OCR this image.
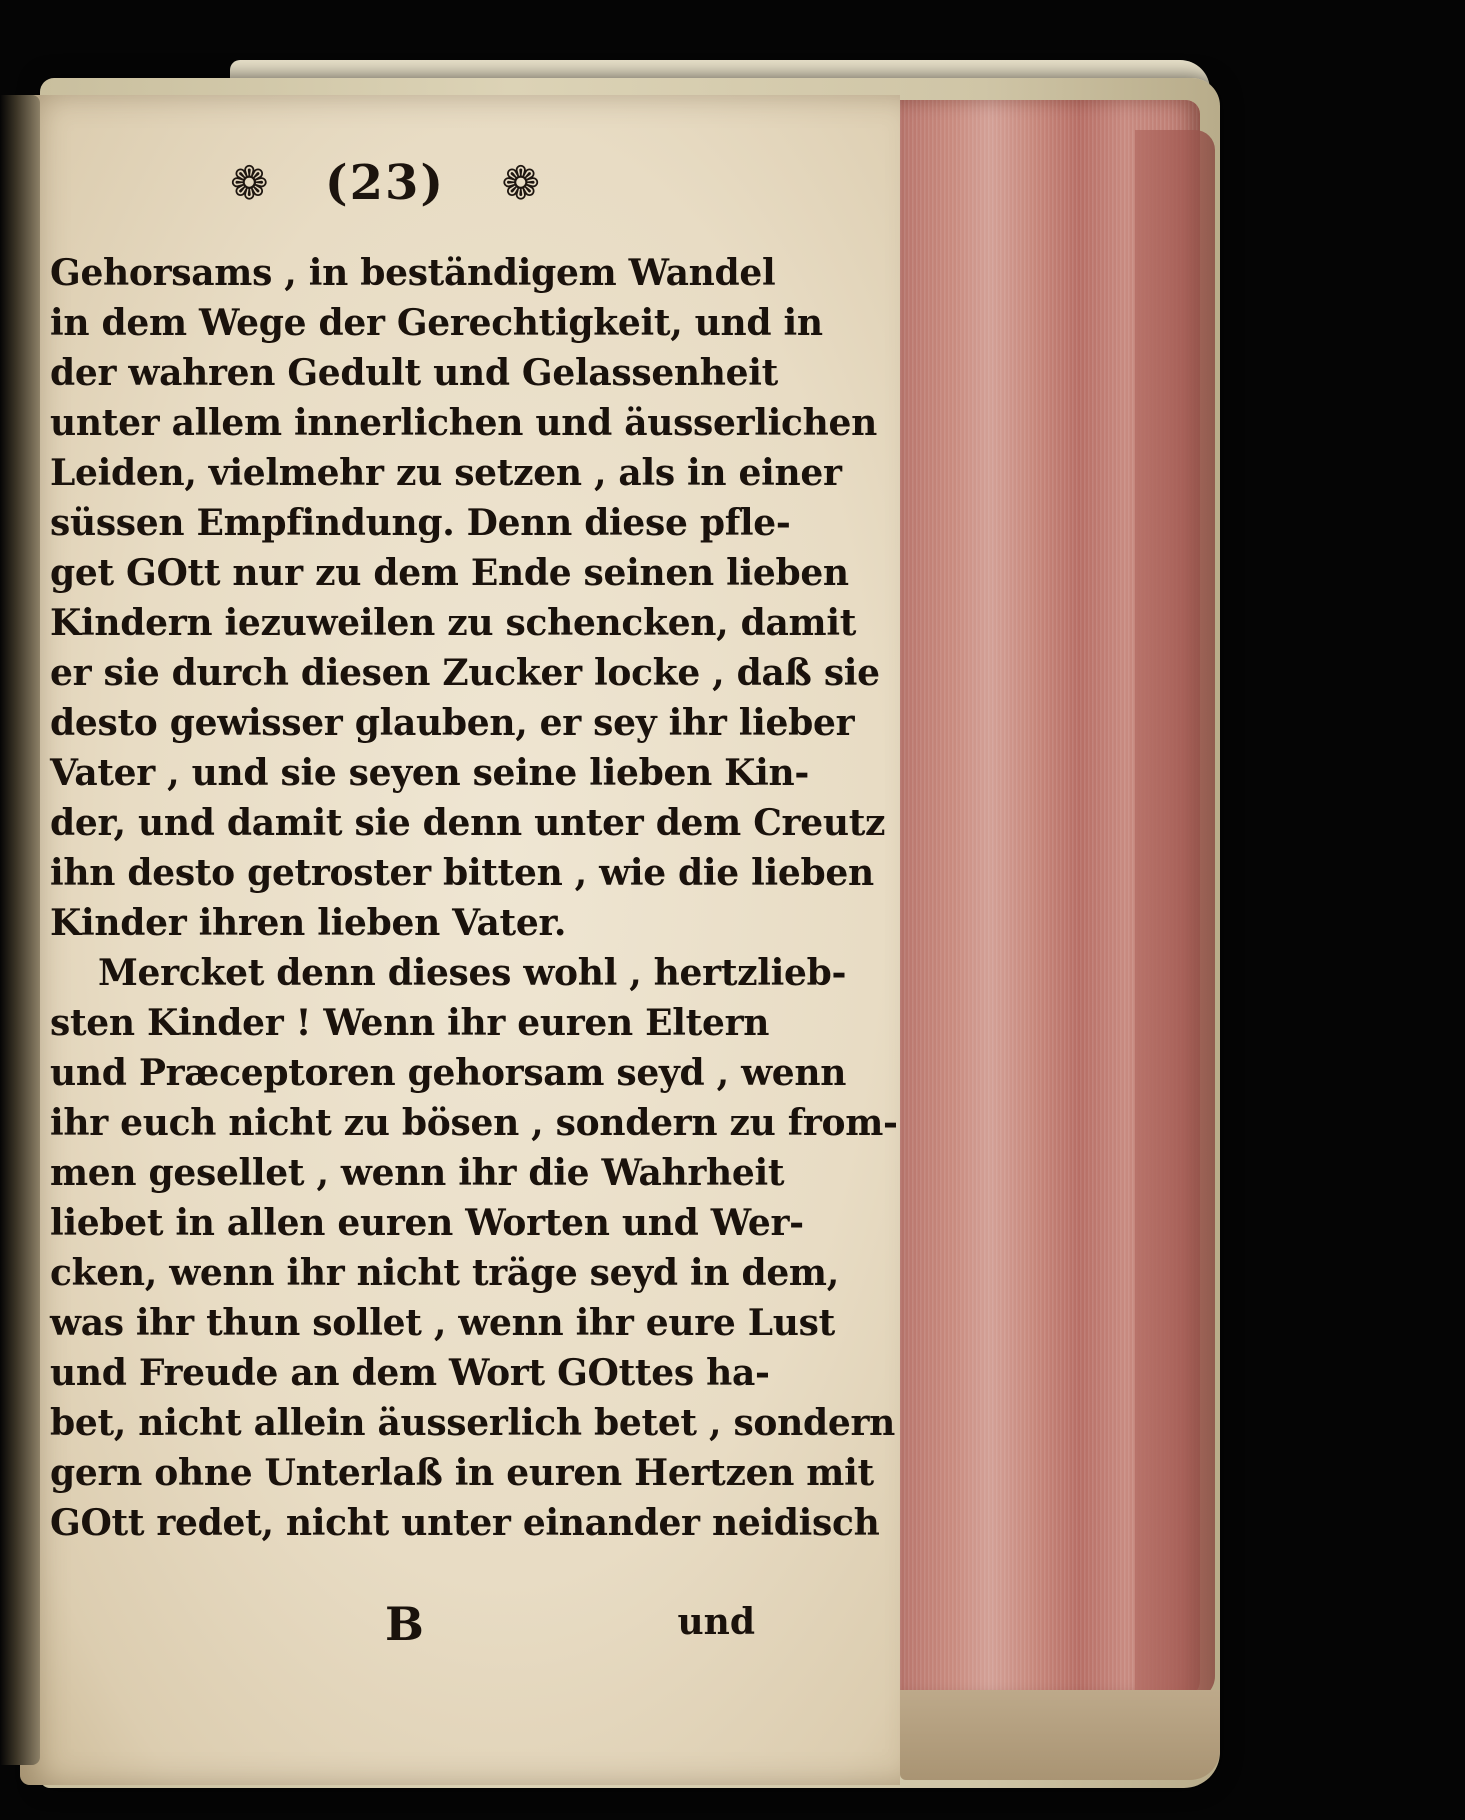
❁ (23) ❁
Gehorsams , in beständigem Wandel
in dem Wege der Gerechtigkeit, und in
der wahren Gedult und Gelassenheit
unter allem innerlichen und äusserlichen
Leiden, vielmehr zu setzen , als in einer
süssen Empfindung. Denn diese pfle-
get GOtt nur zu dem Ende seinen lieben
Kindern iezuweilen zu schencken, damit
er sie durch diesen Zucker locke , daß sie
desto gewisser glauben, er sey ihr lieber
Vater , und sie seyen seine lieben Kin-
der, und damit sie denn unter dem Creutz
ihn desto getroster bitten , wie die lieben
Kinder ihren lieben Vater.
Mercket denn dieses wohl , hertzlieb-
sten Kinder ! Wenn ihr euren Eltern
und Præceptoren gehorsam seyd , wenn
ihr euch nicht zu bösen , sondern zu from-
men gesellet , wenn ihr die Wahrheit
liebet in allen euren Worten und Wer-
cken, wenn ihr nicht träge seyd in dem,
was ihr thun sollet , wenn ihr eure Lust
und Freude an dem Wort GOttes ha-
bet, nicht allein äusserlich betet , sondern
gern ohne Unterlaß in euren Hertzen mit
GOtt redet, nicht unter einander neidisch
B	und
